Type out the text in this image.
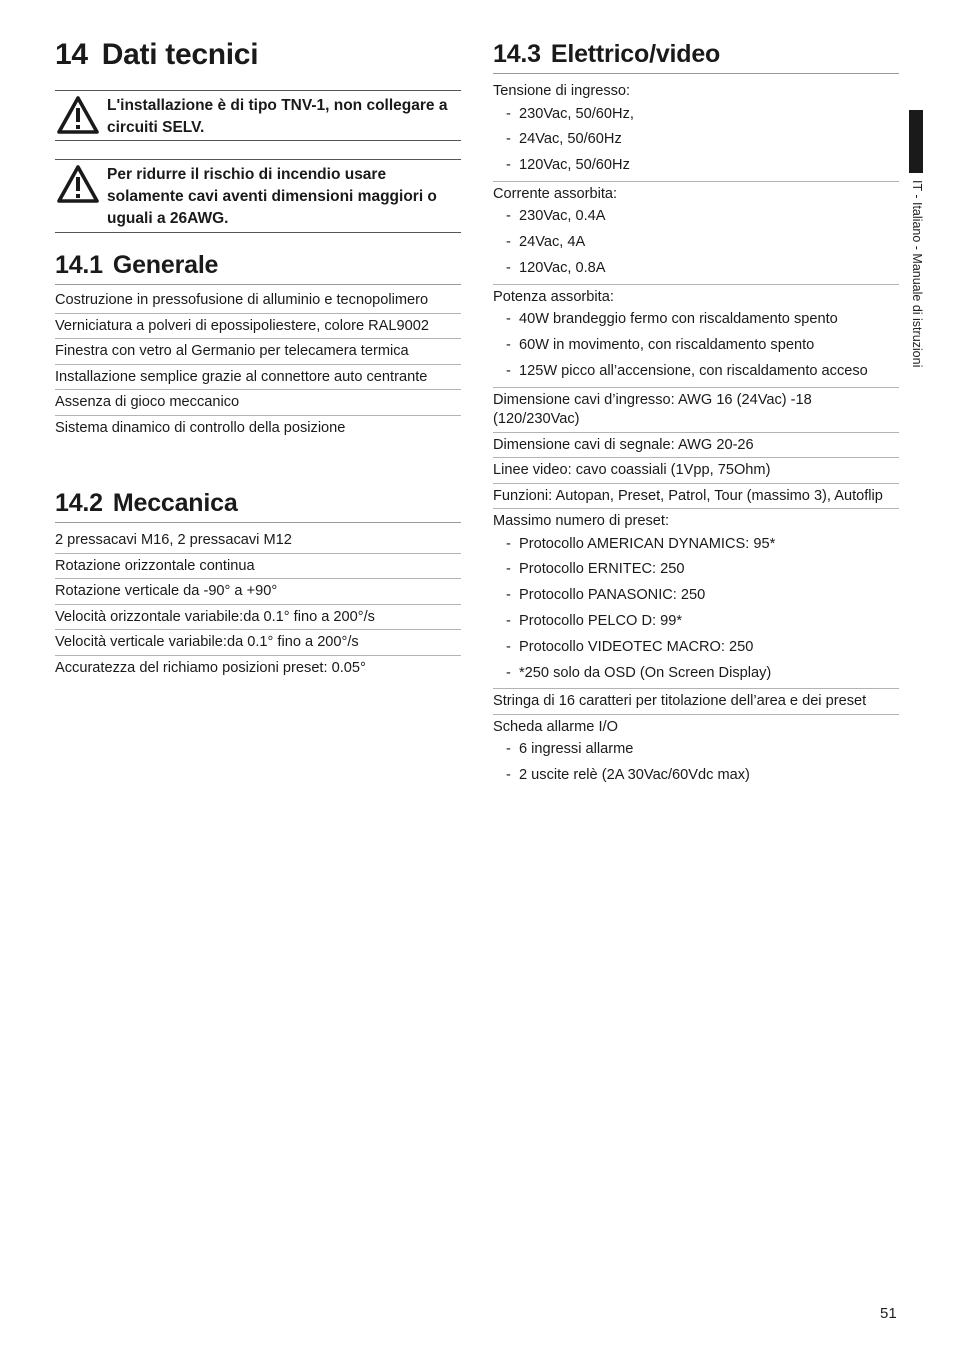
14 Dati tecnici
L'installazione è di tipo TNV-1, non collegare a circuiti SELV.
Per ridurre il rischio di incendio usare solamente cavi aventi dimensioni maggiori o uguali a 26AWG.
14.1 Generale
Costruzione in pressofusione di alluminio e tecnopolimero
Verniciatura a polveri di epossipoliestere, colore RAL9002
Finestra con vetro al Germanio per telecamera termica
Installazione semplice grazie al connettore auto centrante
Assenza di gioco meccanico
Sistema dinamico di controllo della posizione
14.2 Meccanica
2 pressacavi M16, 2 pressacavi M12
Rotazione orizzontale continua
Rotazione verticale da -90° a +90°
Velocità orizzontale variabile:da 0.1° fino a 200°/s
Velocità verticale variabile:da 0.1° fino a 200°/s
Accuratezza del richiamo posizioni preset: 0.05°
14.3 Elettrico/video
Tensione di ingresso:
- 230Vac, 50/60Hz,
- 24Vac, 50/60Hz
- 120Vac, 50/60Hz
Corrente assorbita:
- 230Vac, 0.4A
- 24Vac, 4A
- 120Vac, 0.8A
Potenza assorbita:
- 40W brandeggio fermo con riscaldamento spento
- 60W in movimento, con riscaldamento spento
- 125W picco all’accensione, con riscaldamento acceso
Dimensione cavi d’ingresso: AWG 16 (24Vac) -18 (120/230Vac)
Dimensione cavi di segnale: AWG 20-26
Linee video: cavo coassiali (1Vpp, 75Ohm)
Funzioni: Autopan, Preset, Patrol, Tour (massimo 3), Autoflip
Massimo numero di preset:
- Protocollo AMERICAN DYNAMICS: 95*
- Protocollo ERNITEC: 250
- Protocollo PANASONIC: 250
- Protocollo PELCO D: 99*
- Protocollo VIDEOTEC MACRO: 250
- *250 solo da OSD (On Screen Display)
Stringa di 16 caratteri per titolazione dell’area e dei preset
Scheda allarme I/O
- 6 ingressi allarme
- 2 uscite relè (2A 30Vac/60Vdc max)
IT - Italiano - Manuale di istruzioni
51
